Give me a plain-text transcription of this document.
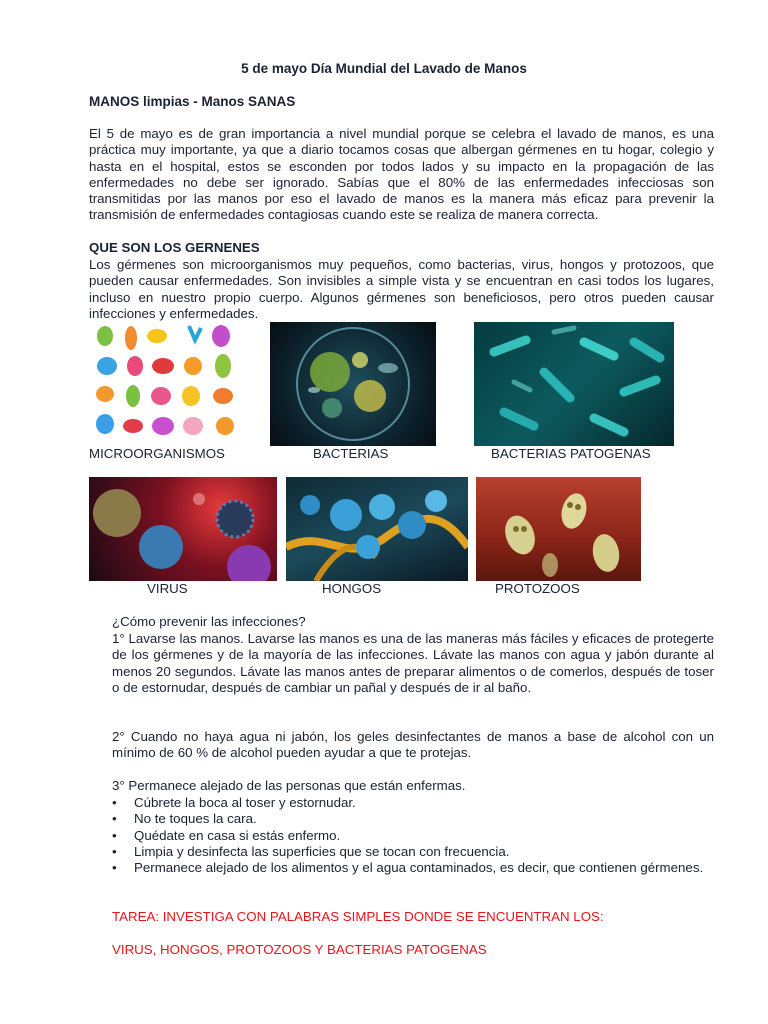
5 de mayo Día Mundial del Lavado de Manos
MANOS limpias - Manos SANAS

El 5 de mayo es de gran importancia a nivel mundial porque se celebra el lavado de manos, es una práctica muy importante, ya que a diario tocamos cosas que albergan gérmenes en tu hogar, colegio y hasta en el hospital, estos se esconden por todos lados y su impacto en la propagación de las enfermedades no debe ser ignorado. Sabías que el 80% de las enfermedades infecciosas son transmitidas por las manos por eso el lavado de manos es la manera más eficaz para prevenir la transmisión de enfermedades contagiosas cuando este se realiza de manera correcta.

QUE SON LOS GERNENES

Los gérmenes son microorganismos muy pequeños, como bacterias, virus, hongos y protozoos, que pueden causar enfermedades. Son invisibles a simple vista y se encuentran en casi todos los lugares, incluso en nuestro propio cuerpo. Algunos gérmenes son beneficiosos, pero otros pueden causar infecciones y enfermedades.

MICROORGANISMOS	BACTERIAS	BACTERIAS PATOGENAS
VIRUS	HONGOS	PROTOZOOS
¿Cómo prevenir las infecciones?

1° Lavarse las manos. Lavarse las manos es una de las maneras más fáciles y eficaces de protegerte de los gérmenes y de la mayoría de las infecciones. Lávate las manos con agua y jabón durante al menos 20 segundos. Lávate las manos antes de preparar alimentos o de comerlos, después de toser o de estornudar, después de cambiar un pañal y después de ir al baño.

2° Cuando no haya agua ni jabón, los geles desinfectantes de manos a base de alcohol con un mínimo de 60 % de alcohol pueden ayudar a que te protejas.

3° Permanece alejado de las personas que están enfermas.
• Cúbrete la boca al toser y estornudar.
• No te toques la cara.
• Quédate en casa si estás enfermo.
• Limpia y desinfecta las superficies que se tocan con frecuencia.
• Permanece alejado de los alimentos y el agua contaminados, es decir, que contienen gérmenes.
TAREA: INVESTIGA CON PALABRAS SIMPLES DONDE SE ENCUENTRAN LOS:
VIRUS, HONGOS, PROTOZOOS Y BACTERIAS PATOGENAS
